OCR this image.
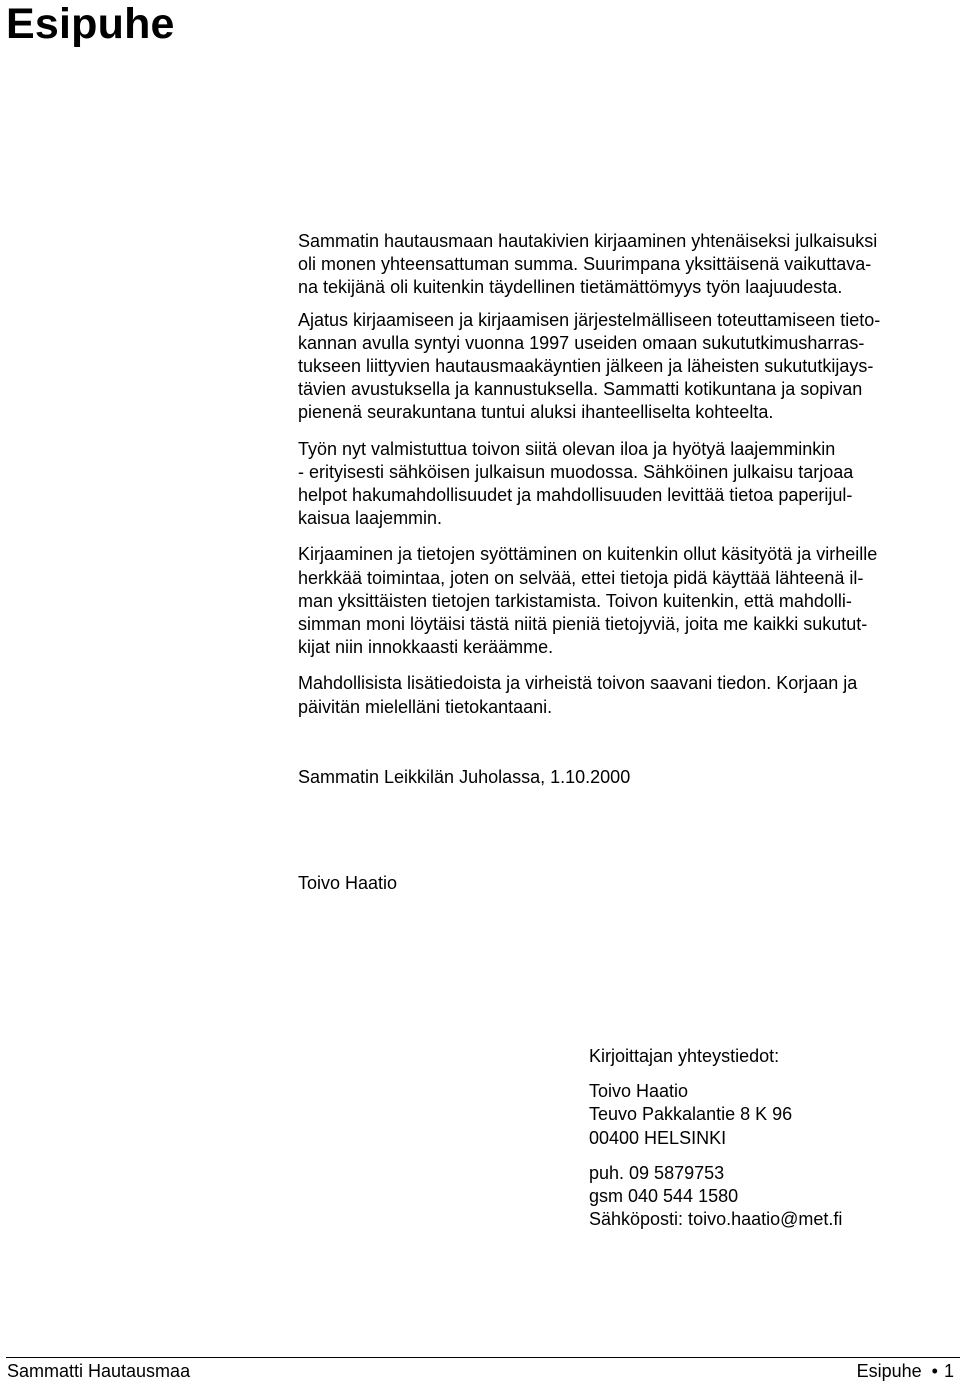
Esipuhe

Sammatin hautausmaan hautakivien kirjaaminen yhtenäiseksi julkaisuksi
oli monen yhteensattuman summa. Suurimpana yksittäisenä vaikuttava-
na tekijänä oli kuitenkin täydellinen tietämättömyys työn laajuudesta.

Ajatus kirjaamiseen ja kirjaamisen järjestelmälliseen toteuttamiseen tieto-
kannan avulla syntyi vuonna 1997 useiden omaan sukututkimusharras-
tukseen liittyvien hautausmaakäyntien jälkeen ja läheisten sukututkijays-
tävien avustuksella ja kannustuksella. Sammatti kotikuntana ja sopivan
pienenä seurakuntana tuntui aluksi ihanteelliselta kohteelta.

Työn nyt valmistuttua toivon siitä olevan iloa ja hyötyä laajemminkin
- erityisesti sähköisen julkaisun muodossa. Sähköinen julkaisu tarjoaa
helpot hakumahdollisuudet ja mahdollisuuden levittää tietoa paperijul-
kaisua laajemmin.

Kirjaaminen ja tietojen syöttäminen on kuitenkin ollut käsityötä ja virheille
herkkää toimintaa, joten on selvää, ettei tietoja pidä käyttää lähteenä il-
man yksittäisten tietojen tarkistamista. Toivon kuitenkin, että mahdolli-
simman moni löytäisi tästä niitä pieniä tietojyviä, joita me kaikki sukutut-
kijat niin innokkaasti keräämme.

Mahdollisista lisätiedoista ja virheistä toivon saavani tiedon. Korjaan ja
päivitän mielelläni tietokantaani.

Sammatin Leikkilän Juholassa, 1.10.2000

Toivo Haatio

Kirjoittajan yhteystiedot:
Toivo Haatio
Teuvo Pakkalantie 8 K 96
00400 HELSINKI
puh. 09 5879753
gsm 040 544 1580
Sähköposti: toivo.haatio@met.fi
Sammatti Hautausmaa	Esipuhe • 1
